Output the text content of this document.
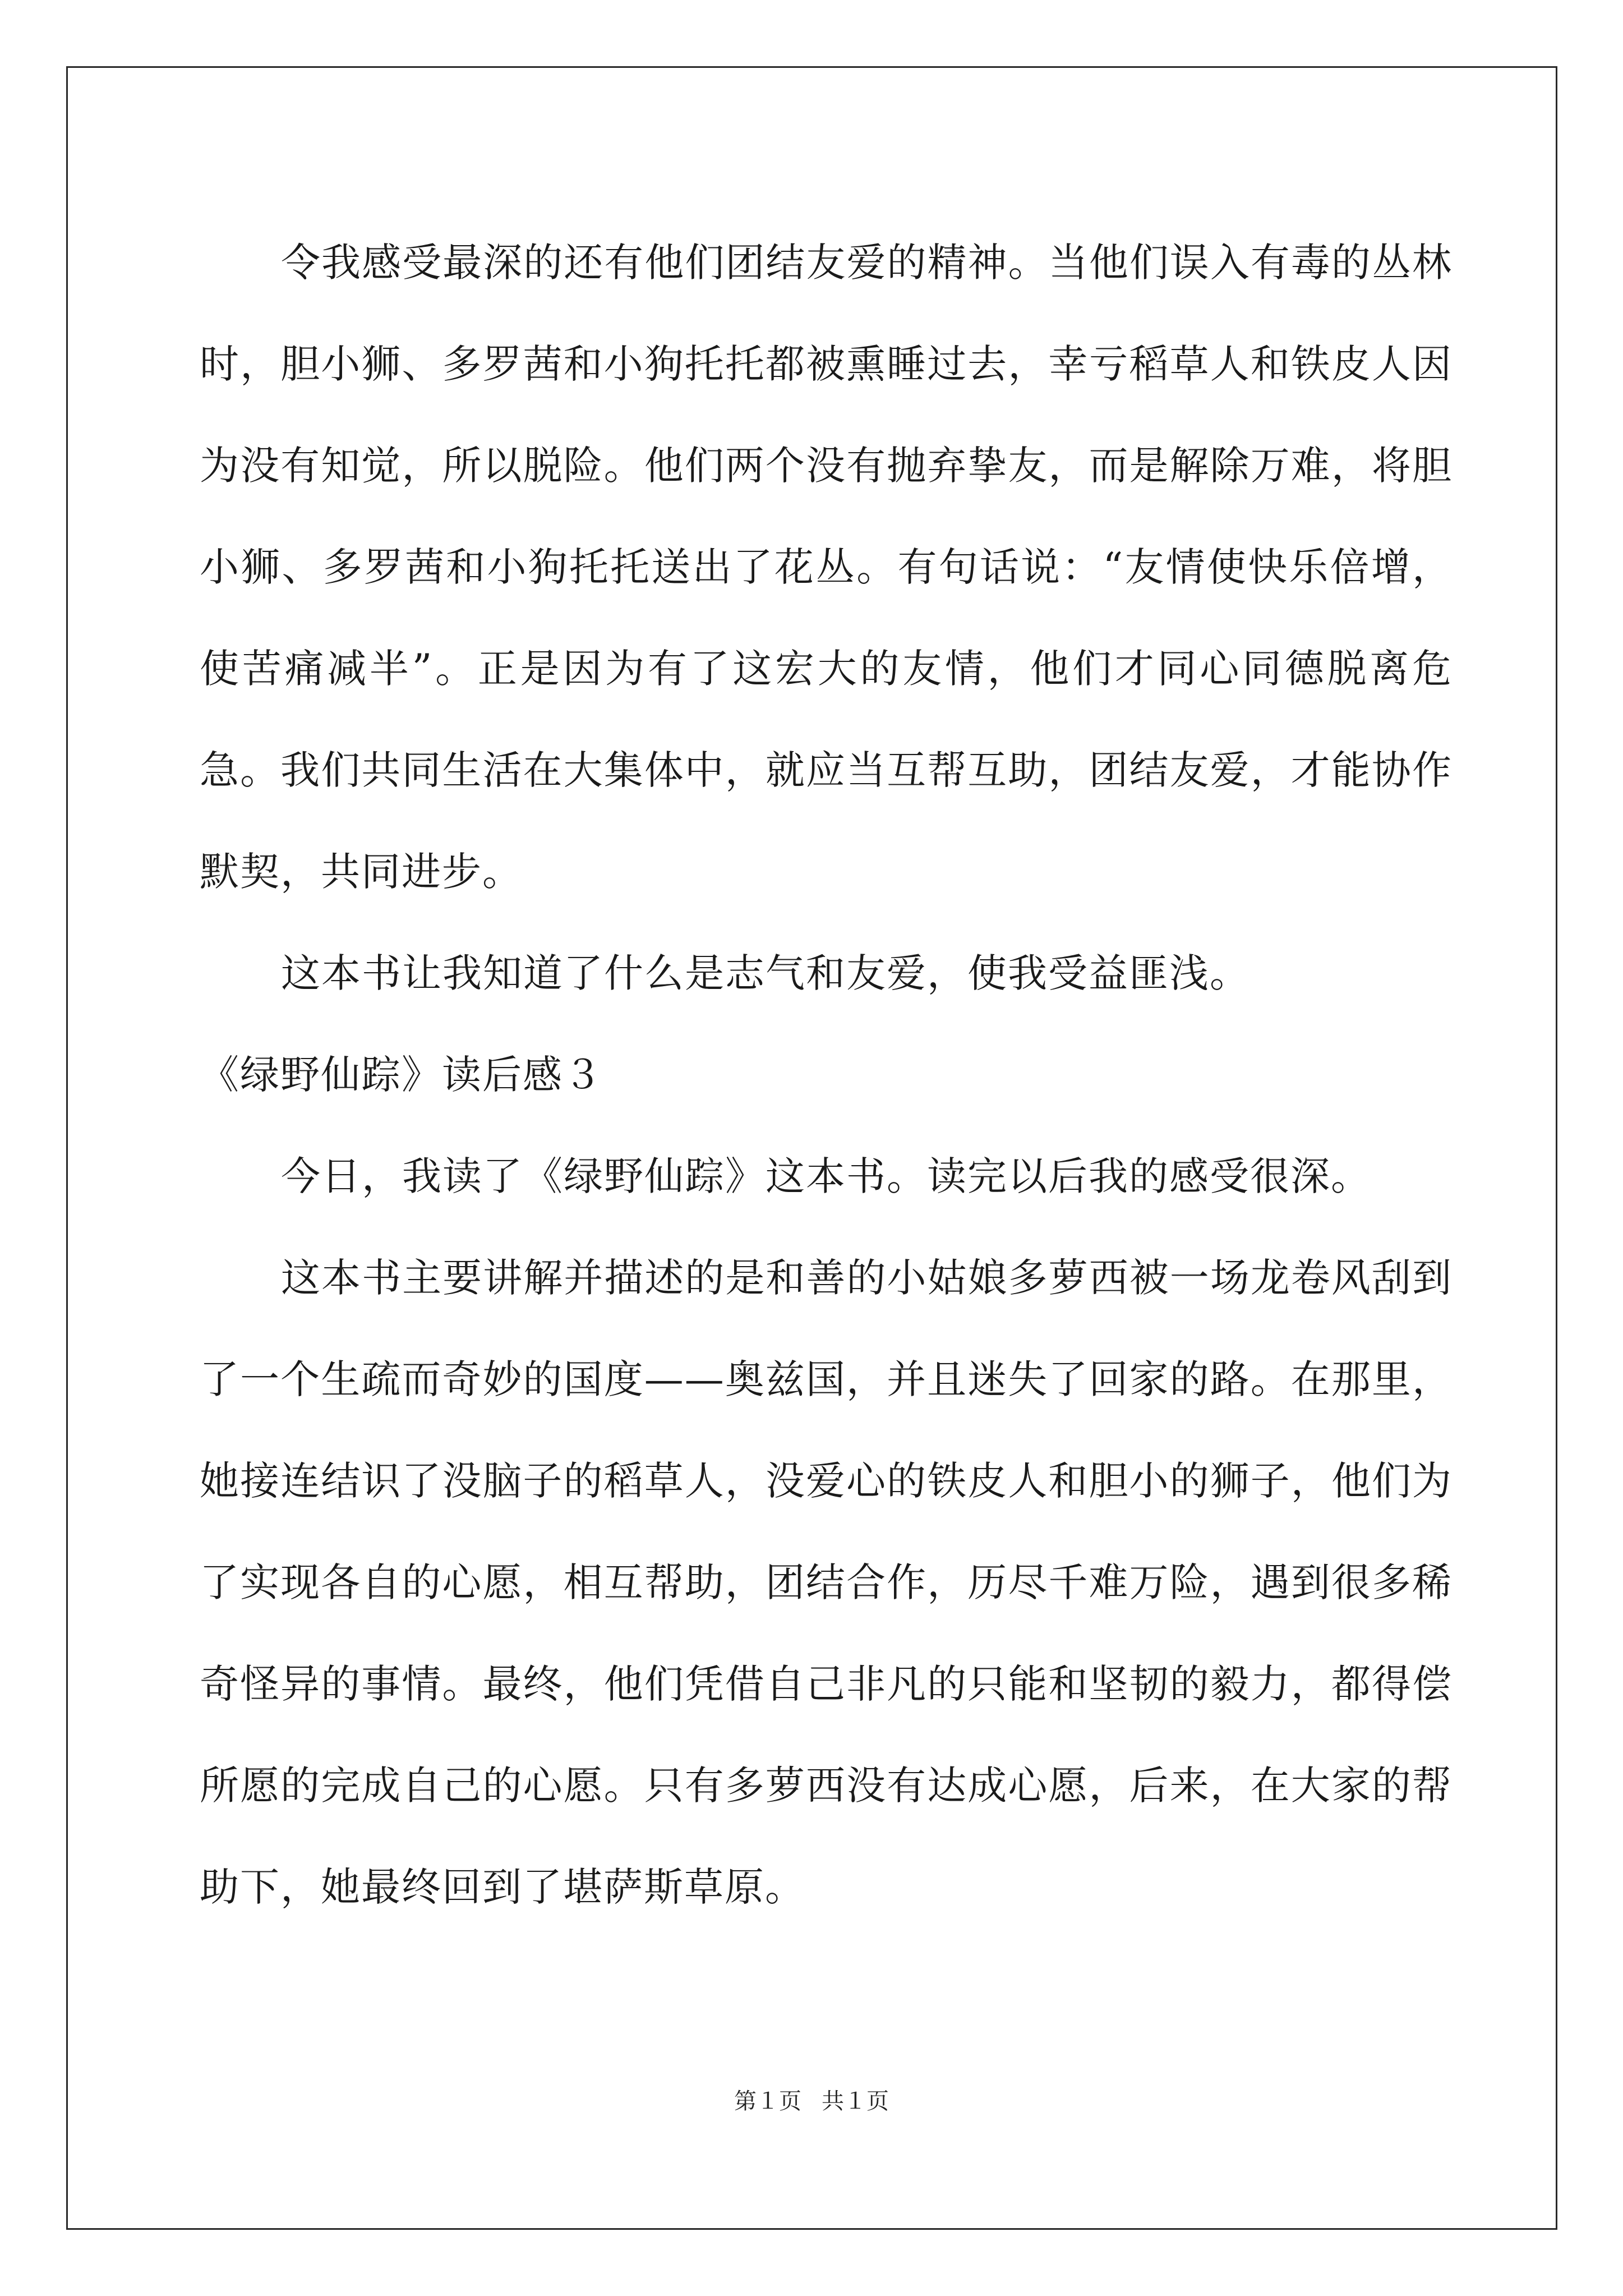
令我感受最深的还有他们团结友爱的精神。当他们误入有毒的丛林时，胆小狮、多罗茜和小狗托托都被熏睡过去，幸亏稻草人和铁皮人因为没有知觉，所以脱险。他们两个没有抛弃挚友，而是解除万难，将胆小狮、多罗茜和小狗托托送出了花丛。有句话说：“友情使快乐倍增，使苦痛减半”。正是因为有了这宏大的友情，他们才同心同德脱离危急。我们共同生活在大集体中，就应当互帮互助，团结友爱，才能协作默契，共同进步。

这本书让我知道了什么是志气和友爱，使我受益匪浅。

《绿野仙踪》读后感３

今日，我读了《绿野仙踪》这本书。读完以后我的感受很深。

这本书主要讲解并描述的是和善的小姑娘多萝西被一场龙卷风刮到了一个生疏而奇妙的国度——奥兹国，并且迷失了回家的路。在那里，她接连结识了没脑子的稻草人，没爱心的铁皮人和胆小的狮子，他们为了实现各自的心愿，相互帮助，团结合作，历尽千难万险，遇到很多稀奇怪异的事情。最终，他们凭借自己非凡的只能和坚韧的毅力，都得偿所愿的完成自己的心愿。只有多萝西没有达成心愿，后来，在大家的帮助下，她最终回到了堪萨斯草原。

第１页 共１页
